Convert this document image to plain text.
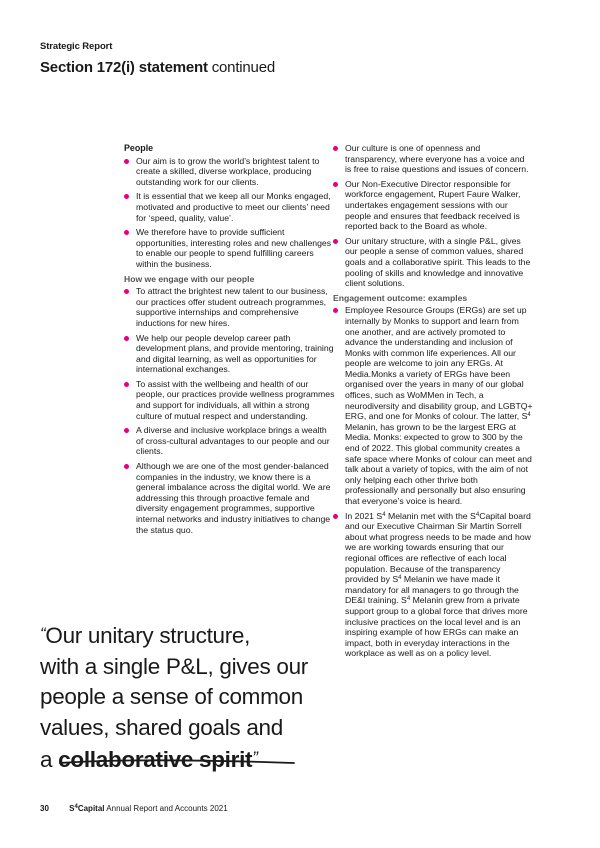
Strategic Report
Section 172(i) statement continued
People
Our aim is to grow the world’s brightest talent to create a skilled, diverse workplace, producing outstanding work for our clients.
It is essential that we keep all our Monks engaged, motivated and productive to meet our clients’ need for ‘speed, quality, value’.
We therefore have to provide sufficient opportunities, interesting roles and new challenges to enable our people to spend fulfilling careers within the business.
How we engage with our people
To attract the brightest new talent to our business, our practices offer student outreach programmes, supportive internships and comprehensive inductions for new hires.
We help our people develop career path development plans, and provide mentoring, training and digital learning, as well as opportunities for international exchanges.
To assist with the wellbeing and health of our people, our practices provide wellness programmes and support for individuals, all within a strong culture of mutual respect and understanding.
A diverse and inclusive workplace brings a wealth of cross-cultural advantages to our people and our clients.
Although we are one of the most gender-balanced companies in the industry, we know there is a general imbalance across the digital world. We are addressing this through proactive female and diversity engagement programmes, supportive internal networks and industry initiatives to change the status quo.
Our culture is one of openness and transparency, where everyone has a voice and is free to raise questions and issues of concern.
Our Non-Executive Director responsible for workforce engagement, Rupert Faure Walker, undertakes engagement sessions with our people and ensures that feedback received is reported back to the Board as whole.
Our unitary structure, with a single P&L, gives our people a sense of common values, shared goals and a collaborative spirit. This leads to the pooling of skills and knowledge and innovative client solutions.
Engagement outcome: examples
Employee Resource Groups (ERGs) are set up internally by Monks to support and learn from one another, and are actively promoted to advance the understanding and inclusion of Monks with common life experiences. All our people are welcome to join any ERGs. At Media.Monks a variety of ERGs have been organised over the years in many of our global offices, such as WoMMen in Tech, a neurodiversity and disability group, and LGBTQ+ ERG, and one for Monks of colour. The latter, $S^4$ Melanin, has grown to be the largest ERG at Media. Monks: expected to grow to 300 by the end of 2022. This global community creates a safe space where Monks of colour can meet and talk about a variety of topics, with the aim of not only helping each other thrive both professionally and personally but also ensuring that everyone’s voice is heard.
In 2021 $S^4$ Melanin met with the $S^4Capital$ board and our Executive Chairman Sir Martin Sorrell about what progress needs to be made and how we are working towards ensuring that our regional offices are reflective of each local population. Because of the transparency provided by $S^4$ Melanin we have made it mandatory for all managers to go through the DE&I training. $S^4$ Melanin grew from a private support group to a global force that drives more inclusive practices on the local level and is an inspiring example of how ERGs can make an impact, both in everyday interactions in the workplace as well as on a policy level.
“Our unitary structure,
with a single P&L, gives our
people a sense of common
values, shared goals and
a collaborative spirit”
30	$S^4Capital$ Annual Report and Accounts 2021
